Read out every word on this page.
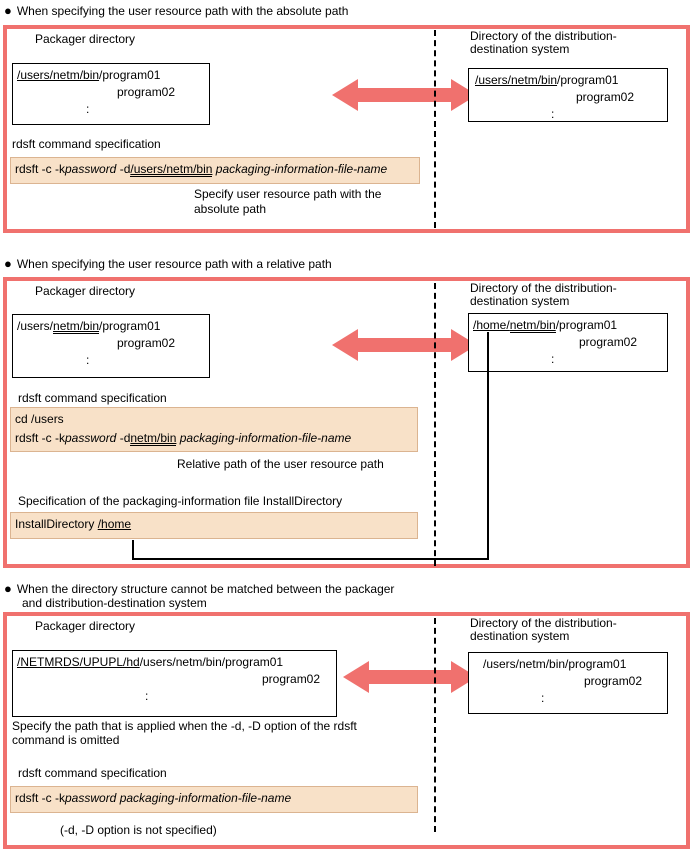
● When specifying the user resource path with the absolute path
Packager directory
/users/netm/bin/program01
program02
:
Directory of the distribution-
destination system
/users/netm/bin/program01
program02
:
rdsft command specification
rdsft -c -kpassword -d/users/netm/bin packaging-information-file-name
Specify user resource path with the
absolute path
● When specifying the user resource path with a relative path
Packager directory
/users/netm/bin/program01
program02
:
Directory of the distribution-
destination system
/home/netm/bin/program01
program02
:
rdsft command specification
cd /users
rdsft -c -kpassword -dnetm/bin packaging-information-file-name
Relative path of the user resource path
Specification of the packaging-information file InstallDirectory
InstallDirectory /home
● When the directory structure cannot be matched between the packager
and distribution-destination system
Packager directory
/NETMRDS/UPUPL/hd/users/netm/bin/program01
program02
:
Directory of the distribution-
destination system
/users/netm/bin/program01
program02
:
Specify the path that is applied when the -d, -D option of the rdsft
command is omitted
rdsft command specification
rdsft -c -kpassword packaging-information-file-name
(-d, -D option is not specified)
